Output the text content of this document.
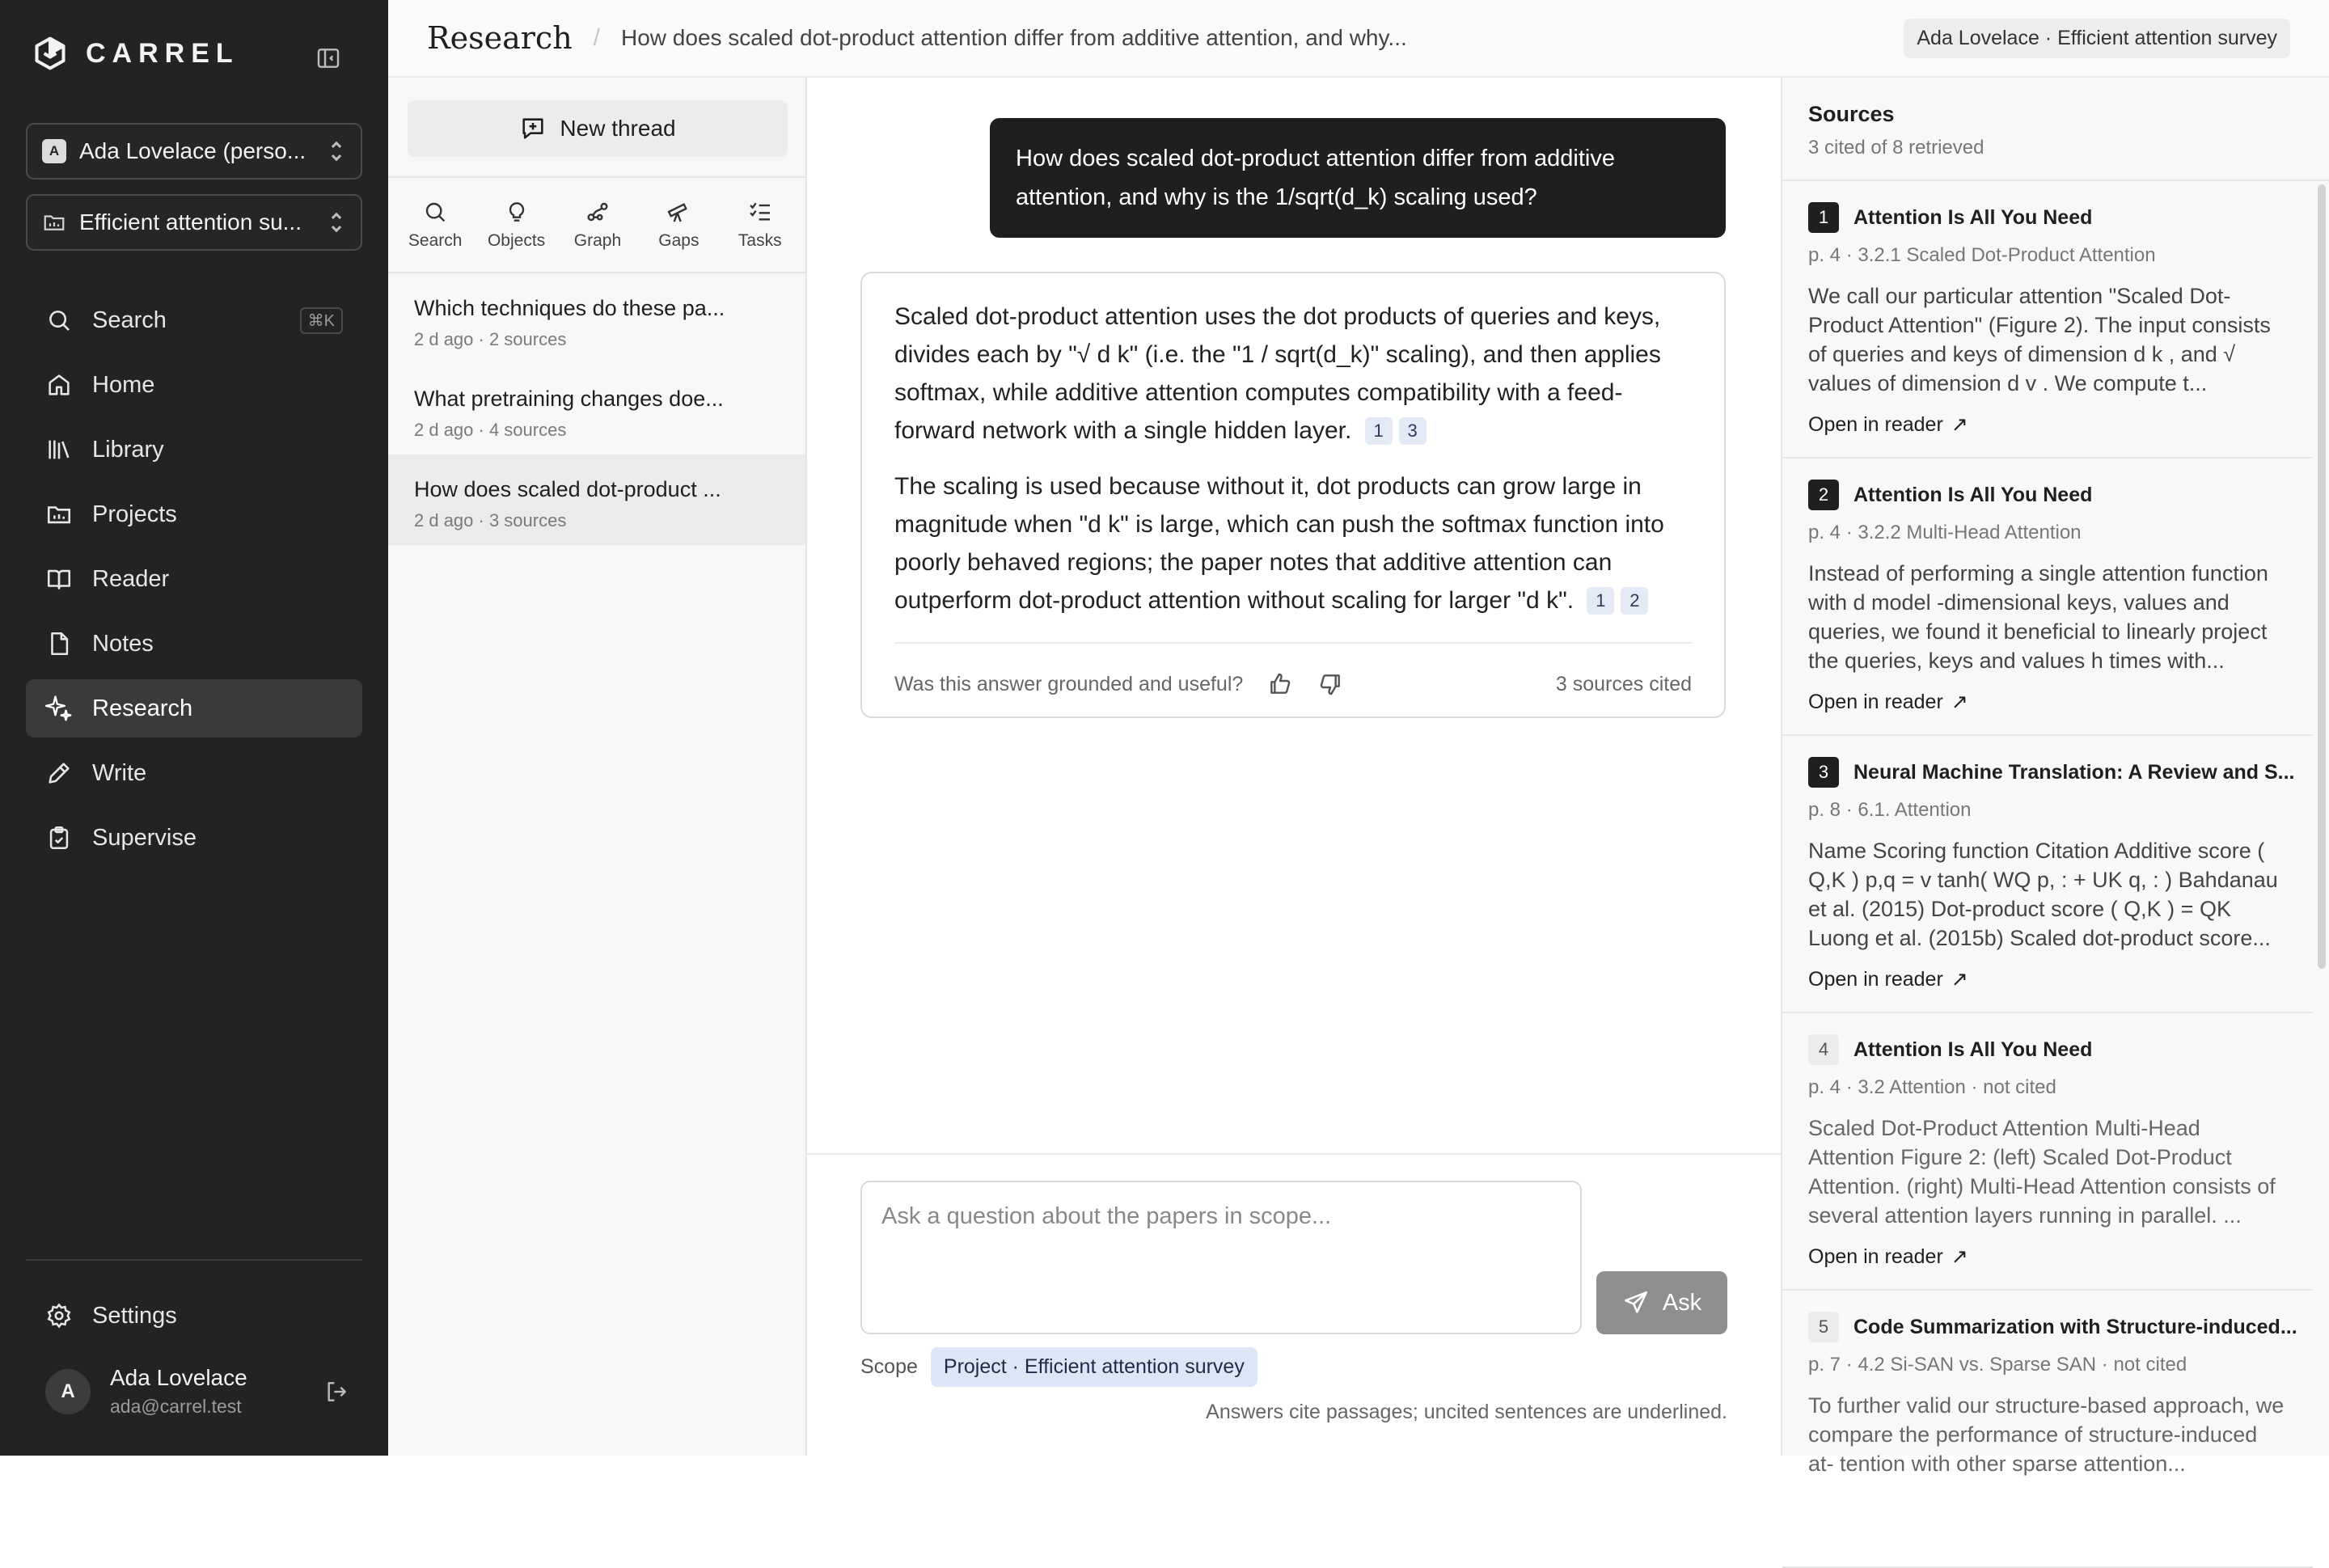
CARREL
A Ada Lovelace (perso...
Efficient attention su...
Search	⌘K
Home
Library
Projects
Reader
Notes
Research
Write
Supervise
Settings
A
Ada Lovelace
ada@carrel.test
Research / How does scaled dot-product attention differ from additive attention, and why...	Ada Lovelace · Efficient attention survey
New thread
Search Objects Graph Gaps Tasks
Which techniques do these pa...
2 d ago · 2 sources
What pretraining changes doe...
2 d ago · 4 sources
How does scaled dot-product ...
2 d ago · 3 sources
How does scaled dot-product attention differ from additive attention, and why is the 1/sqrt(d_k) scaling used?

Scaled dot-product attention uses the dot products of queries and keys, divides each by "√ d k" (i.e. the "1 / sqrt(d_k)" scaling), and then applies softmax, while additive attention computes compatibility with a feed-forward network with a single hidden layer. 1 3

The scaling is used because without it, dot products can grow large in magnitude when "d k" is large, which can push the softmax function into poorly behaved regions; the paper notes that additive attention can outperform dot-product attention without scaling for larger "d k". 1 2

Was this answer grounded and useful?	3 sources cited
Ask a question about the papers in scope...
Ask
Scope	Project · Efficient attention survey
Answers cite passages; uncited sentences are underlined.
Sources
3 cited of 8 retrieved
1	Attention Is All You Need
p. 4 · 3.2.1 Scaled Dot-Product Attention
We call our particular attention "Scaled Dot-Product Attention" (Figure 2). The input consists of queries and keys of dimension d k , and √ values of dimension d v . We compute t...
Open in reader ↗
2	Attention Is All You Need
p. 4 · 3.2.2 Multi-Head Attention
Instead of performing a single attention function with d model -dimensional keys, values and queries, we found it beneficial to linearly project the queries, keys and values h times with...
Open in reader ↗
3	Neural Machine Translation: A Review and S...
p. 8 · 6.1. Attention
Name Scoring function Citation Additive score ( Q,K ) p,q = v tanh( WQ p, : + UK q, : ) Bahdanau et al. (2015) Dot-product score ( Q,K ) = QK Luong et al. (2015b) Scaled dot-product score...
Open in reader ↗
4	Attention Is All You Need
p. 4 · 3.2 Attention · not cited
Scaled Dot-Product Attention Multi-Head Attention Figure 2: (left) Scaled Dot-Product Attention. (right) Multi-Head Attention consists of several attention layers running in parallel. ...
Open in reader ↗
5	Code Summarization with Structure-induced...
p. 7 · 4.2 Si-SAN vs. Sparse SAN · not cited
To further valid our structure-based approach, we compare the performance of structure-induced at- tention with other sparse attention...
